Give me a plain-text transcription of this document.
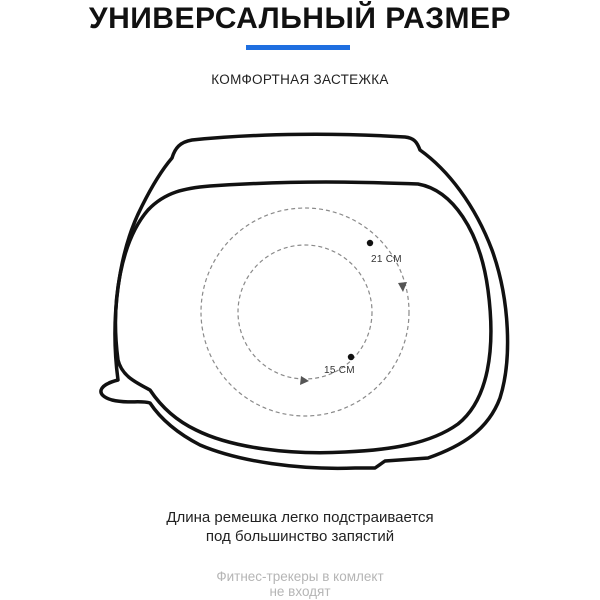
УНИВЕРСАЛЬНЫЙ РАЗМЕР
КОМФОРТНАЯ ЗАСТЕЖКА
21 СМ
15 СМ
Длина ремешка легко подстраивается
под большинство запястий
Фитнес-трекеры в комлект
не входят
